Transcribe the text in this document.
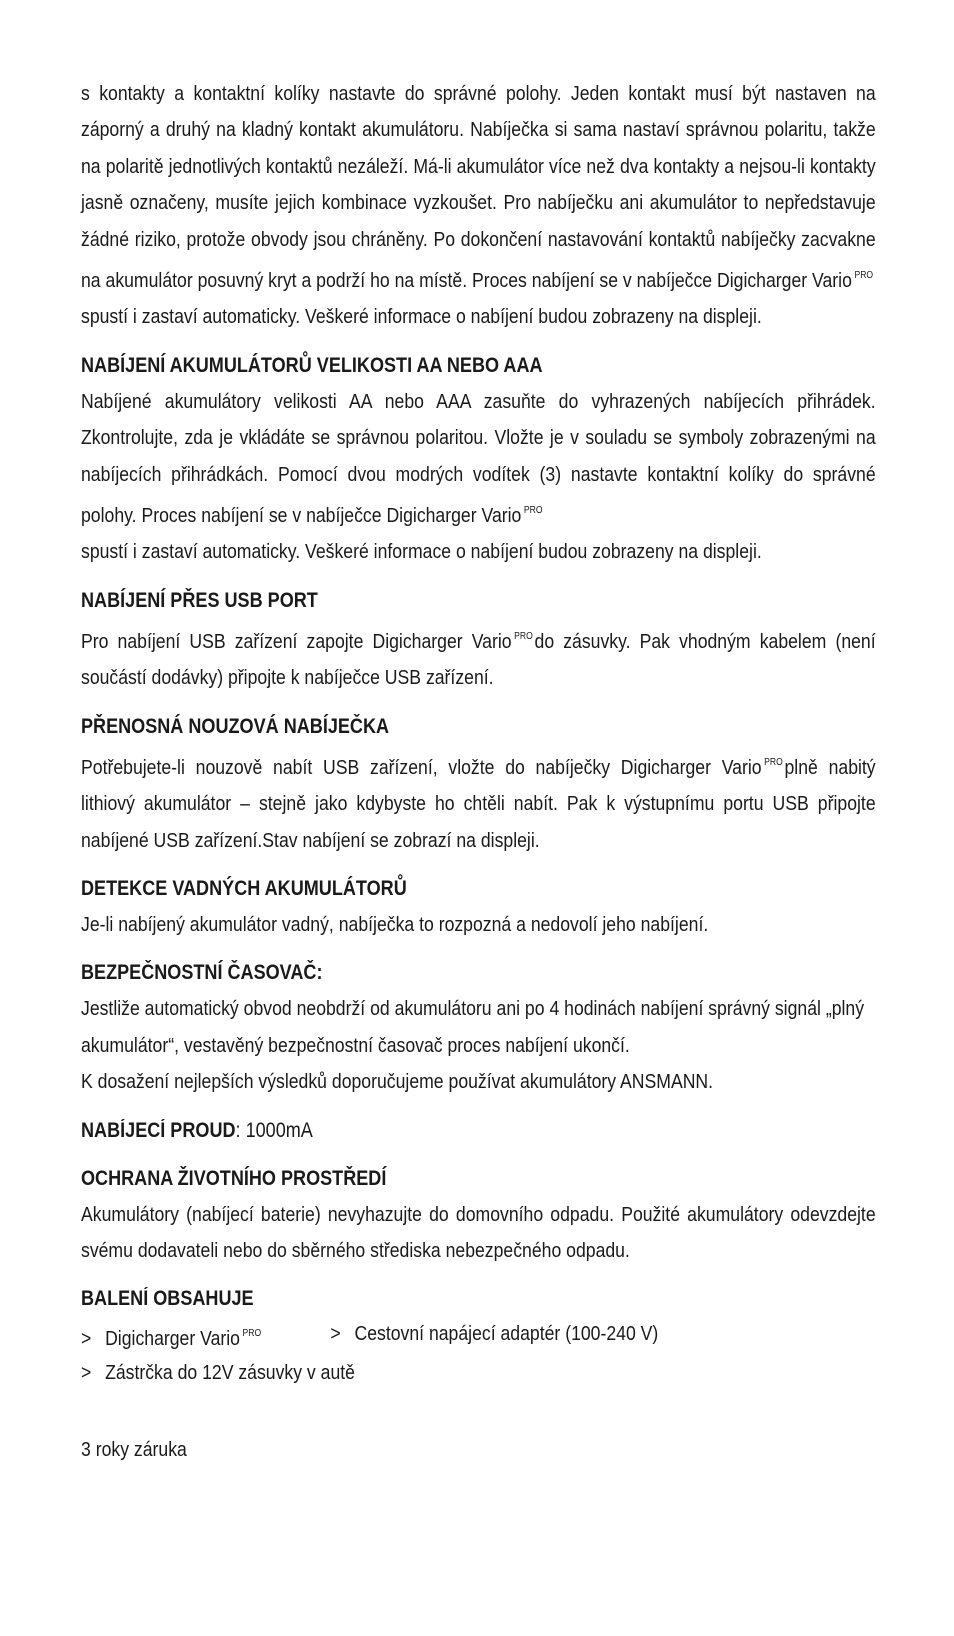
s kontakty a kontaktní kolíky nastavte do správné polohy. Jeden kontakt musí být nastaven na záporný a druhý na kladný kontakt akumulátoru. Nabíječka si sama nastaví správnou polaritu, takže na polaritě jednotlivých kontaktů nezáleží. Má-li akumulátor více než dva kontakty a nejsou-li kontakty jasně označeny, musíte jejich kombinace vyzkoušet. Pro nabíječku ani akumulátor to nepředstavuje žádné riziko, protože obvody jsou chráněny. Po dokončení nastavování kontaktů nabíječky zacvakne na akumulátor posuvný kryt a podrží ho na místě. Proces nabíjení se v nabíječce Digicharger Vario $^{PRO}$
spustí i zastaví automaticky. Veškeré informace o nabíjení budou zobrazeny na displeji.

NABÍJENÍ AKUMULÁTORŮ VELIKOSTI AA NEBO AAA

Nabíjené akumulátory velikosti AA nebo AAA zasuňte do vyhrazených nabíjecích přihrádek. Zkontrolujte, zda je vkládáte se správnou polaritou. Vložte je v souladu se symboly zobrazenými na nabíjecích přihrádkách. Pomocí dvou modrých vodítek (3) nastavte kontaktní kolíky do správné polohy. Proces nabíjení se v nabíječce Digicharger Vario $^{PRO}$
spustí i zastaví automaticky. Veškeré informace o nabíjení budou zobrazeny na displeji.

NABÍJENÍ PŘES USB PORT

Pro nabíjení USB zařízení zapojte Digicharger Vario $^{PRO}$do zásuvky. Pak vhodným kabelem (není součástí dodávky) připojte k nabíječce USB zařízení.

PŘENOSNÁ NOUZOVÁ NABÍJEČKA

Potřebujete-li nouzově nabít USB zařízení, vložte do nabíječky Digicharger Vario $^{PRO}$plně nabitý lithiový akumulátor – stejně jako kdybyste ho chtěli nabít. Pak k výstupnímu portu USB připojte nabíjené USB zařízení.Stav nabíjení se zobrazí na displeji.

DETEKCE VADNÝCH AKUMULÁTORŮ

Je-li nabíjený akumulátor vadný, nabíječka to rozpozná a nedovolí jeho nabíjení.

BEZPEČNOSTNÍ ČASOVAČ:

Jestliže automatický obvod neobdrží od akumulátoru ani po 4 hodinách nabíjení správný signál „plný akumulátor“, vestavěný bezpečnostní časovač proces nabíjení ukončí.
K dosažení nejlepších výsledků doporučujeme používat akumulátory ANSMANN.

NABÍJECÍ PROUD: 1000mA
OCHRANA ŽIVOTNÍHO PROSTŘEDÍ

Akumulátory (nabíjecí baterie) nevyhazujte do domovního odpadu. Použité akumulátory odevzdejte svému dodavateli nebo do sběrného střediska nebezpečného odpadu.

BALENÍ OBSAHUJE
> Digicharger Vario $^{PRO}$	> Cestovní napájecí adaptér (100-240 V)
> Zástrčka do 12V zásuvky v autě

3 roky záruka
